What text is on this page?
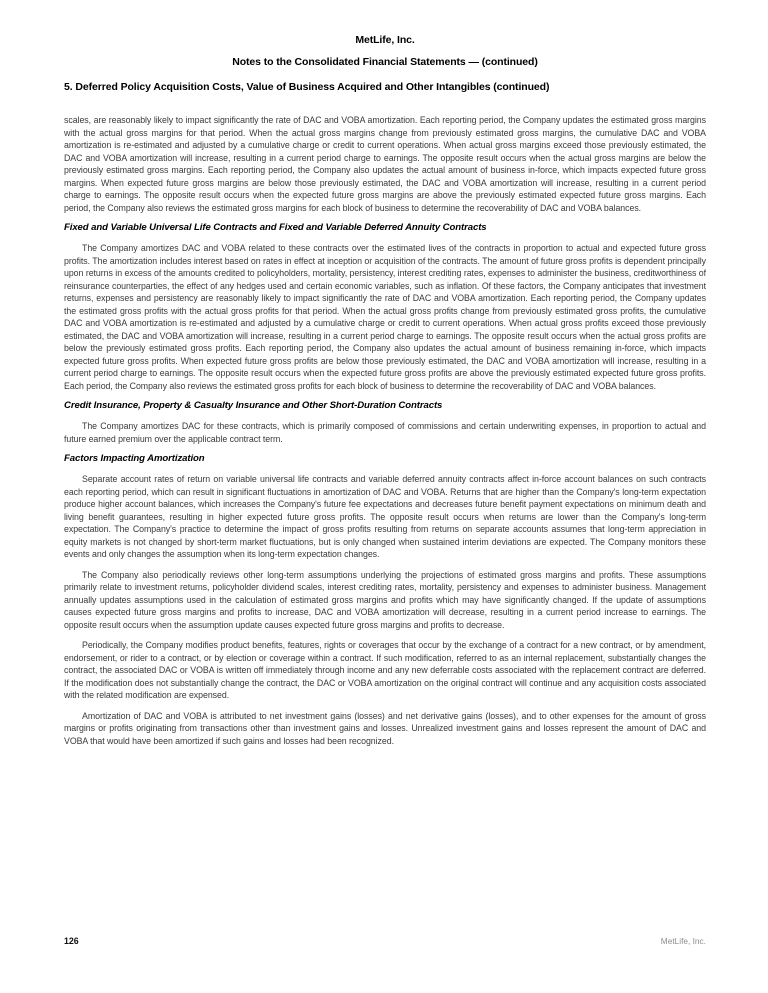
MetLife, Inc.
Notes to the Consolidated Financial Statements — (continued)
5. Deferred Policy Acquisition Costs, Value of Business Acquired and Other Intangibles (continued)

scales, are reasonably likely to impact significantly the rate of DAC and VOBA amortization. Each reporting period, the Company updates the estimated gross margins with the actual gross margins for that period. When the actual gross margins change from previously estimated gross margins, the cumulative DAC and VOBA amortization is re-estimated and adjusted by a cumulative charge or credit to current operations. When actual gross margins exceed those previously estimated, the DAC and VOBA amortization will increase, resulting in a current period charge to earnings. The opposite result occurs when the actual gross margins are below the previously estimated gross margins. Each reporting period, the Company also updates the actual amount of business in-force, which impacts expected future gross margins. When expected future gross margins are below those previously estimated, the DAC and VOBA amortization will increase, resulting in a current period charge to earnings. The opposite result occurs when the expected future gross margins are above the previously estimated expected future gross margins. Each period, the Company also reviews the estimated gross margins for each block of business to determine the recoverability of DAC and VOBA balances.

Fixed and Variable Universal Life Contracts and Fixed and Variable Deferred Annuity Contracts

The Company amortizes DAC and VOBA related to these contracts over the estimated lives of the contracts in proportion to actual and expected future gross profits. The amortization includes interest based on rates in effect at inception or acquisition of the contracts. The amount of future gross profits is dependent principally upon returns in excess of the amounts credited to policyholders, mortality, persistency, interest crediting rates, expenses to administer the business, creditworthiness of reinsurance counterparties, the effect of any hedges used and certain economic variables, such as inflation. Of these factors, the Company anticipates that investment returns, expenses and persistency are reasonably likely to impact significantly the rate of DAC and VOBA amortization. Each reporting period, the Company updates the estimated gross profits with the actual gross profits for that period. When the actual gross profits change from previously estimated gross profits, the cumulative DAC and VOBA amortization is re-estimated and adjusted by a cumulative charge or credit to current operations. When actual gross profits exceed those previously estimated, the DAC and VOBA amortization will increase, resulting in a current period charge to earnings. The opposite result occurs when the actual gross profits are below the previously estimated gross profits. Each reporting period, the Company also updates the actual amount of business remaining in-force, which impacts expected future gross profits. When expected future gross profits are below those previously estimated, the DAC and VOBA amortization will increase, resulting in a current period charge to earnings. The opposite result occurs when the expected future gross profits are above the previously estimated expected future gross profits. Each period, the Company also reviews the estimated gross profits for each block of business to determine the recoverability of DAC and VOBA balances.

Credit Insurance, Property & Casualty Insurance and Other Short-Duration Contracts

The Company amortizes DAC for these contracts, which is primarily composed of commissions and certain underwriting expenses, in proportion to actual and future earned premium over the applicable contract term.

Factors Impacting Amortization

Separate account rates of return on variable universal life contracts and variable deferred annuity contracts affect in-force account balances on such contracts each reporting period, which can result in significant fluctuations in amortization of DAC and VOBA. Returns that are higher than the Company's long-term expectation produce higher account balances, which increases the Company's future fee expectations and decreases future benefit payment expectations on minimum death and living benefit guarantees, resulting in higher expected future gross profits. The opposite result occurs when returns are lower than the Company's long-term expectation. The Company's practice to determine the impact of gross profits resulting from returns on separate accounts assumes that long-term appreciation in equity markets is not changed by short-term market fluctuations, but is only changed when sustained interim deviations are expected. The Company monitors these events and only changes the assumption when its long-term expectation changes.

The Company also periodically reviews other long-term assumptions underlying the projections of estimated gross margins and profits. These assumptions primarily relate to investment returns, policyholder dividend scales, interest crediting rates, mortality, persistency and expenses to administer business. Management annually updates assumptions used in the calculation of estimated gross margins and profits which may have significantly changed. If the update of assumptions causes expected future gross margins and profits to increase, DAC and VOBA amortization will decrease, resulting in a current period increase to earnings. The opposite result occurs when the assumption update causes expected future gross margins and profits to decrease.

Periodically, the Company modifies product benefits, features, rights or coverages that occur by the exchange of a contract for a new contract, or by amendment, endorsement, or rider to a contract, or by election or coverage within a contract. If such modification, referred to as an internal replacement, substantially changes the contract, the associated DAC or VOBA is written off immediately through income and any new deferrable costs associated with the replacement contract are deferred. If the modification does not substantially change the contract, the DAC or VOBA amortization on the original contract will continue and any acquisition costs associated with the related modification are expensed.

Amortization of DAC and VOBA is attributed to net investment gains (losses) and net derivative gains (losses), and to other expenses for the amount of gross margins or profits originating from transactions other than investment gains and losses. Unrealized investment gains and losses represent the amount of DAC and VOBA that would have been amortized if such gains and losses had been recognized.

126	MetLife, Inc.
